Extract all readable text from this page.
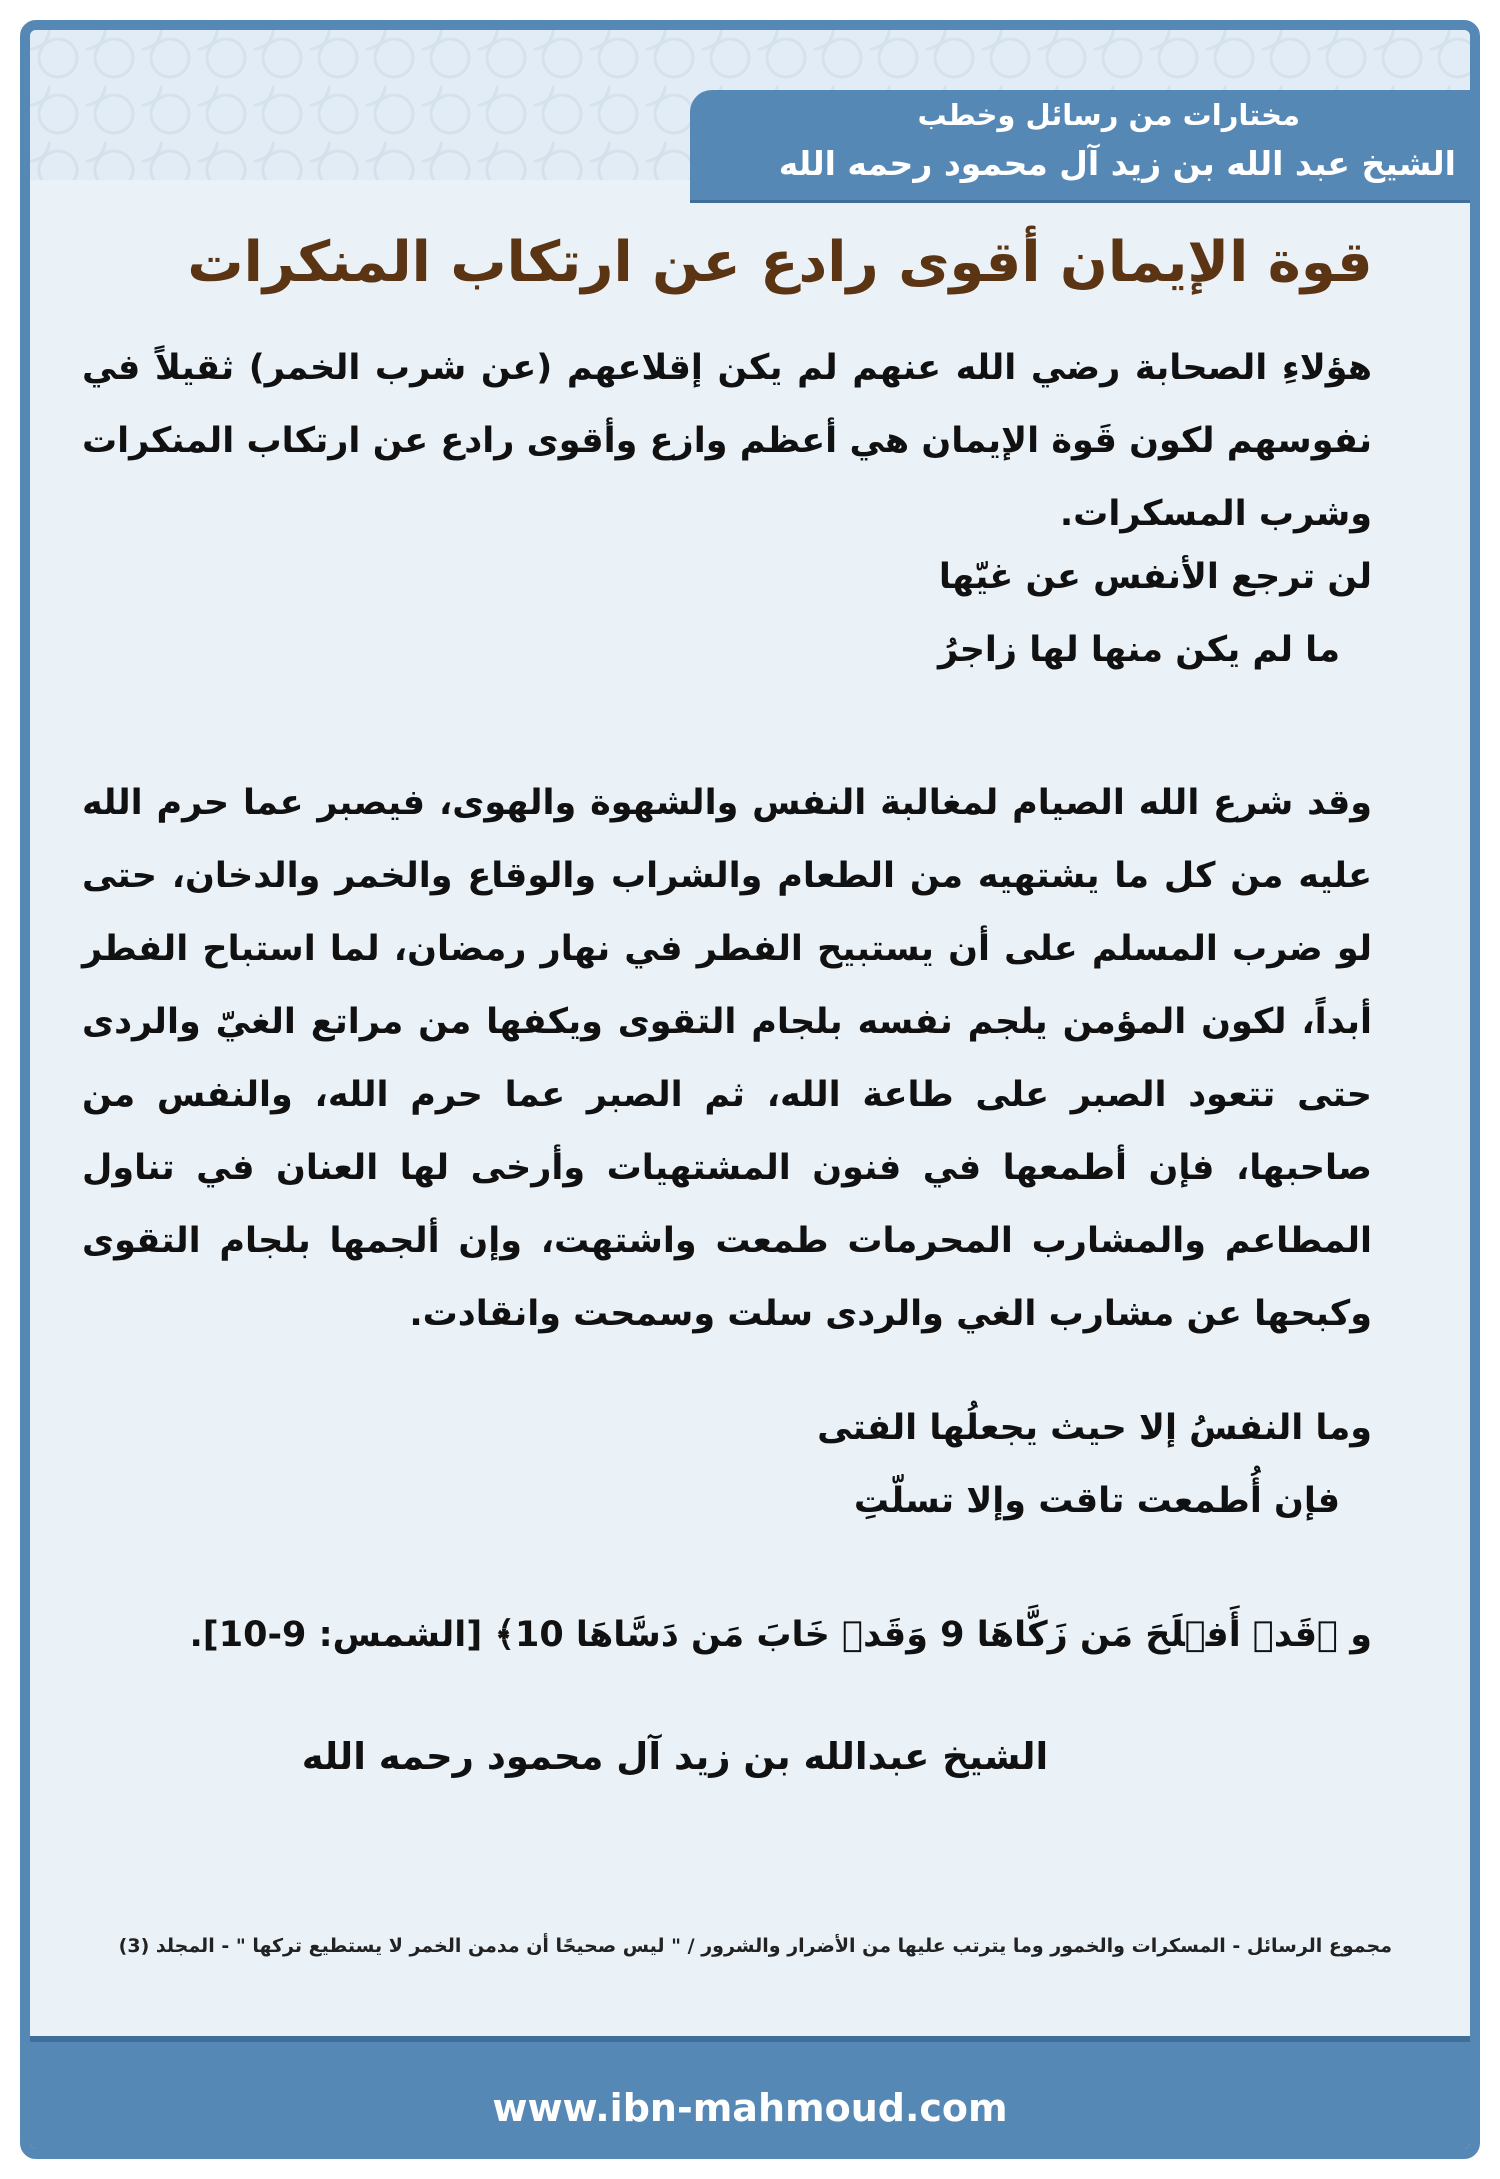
مختارات من رسائل وخطب
الشيخ عبد الله بن زيد آل محمود رحمه الله
قوة الإيمان أقوى رادع عن ارتكاب المنكرات
هؤلاءِ الصحابة رضي الله عنهم لم يكن إقلاعهم (عن شرب الخمر) ثقيلاً في نفوسهم لكون قَوة الإيمان هي أعظم وازع وأقوى رادع عن ارتكاب المنكرات وشرب المسكرات.
لن ترجع الأنفس عن غيّها
ما لم يكن منها لها زاجرُ
وقد شرع الله الصيام لمغالبة النفس والشهوة والهوى، فيصبر عما حرم الله عليه من كل ما يشتهيه من الطعام والشراب والوقاع والخمر والدخان، حتى لو ضرب المسلم على أن يستبيح الفطر في نهار رمضان، لما استباح الفطر أبداً، لكون المؤمن يلجم نفسه بلجام التقوى ويكفها من مراتع الغيّ والردى حتى تتعود الصبر على طاعة الله، ثم الصبر عما حرم الله، والنفس من صاحبها، فإن أطمعها في فنون المشتهيات وأرخى لها العنان في تناول المطاعم والمشارب المحرمات طمعت واشتهت، وإن ألجمها بلجام التقوى وكبحها عن مشارب الغي والردى سلت وسمحت وانقادت.
وما النفسُ إلا حيث يجعلُها الفتى
فإن أُطمعت تاقت وإلا تسلّتِ
و ﴿قَدۡ أَفۡلَحَ مَن زَكَّاهَا 9 وَقَدۡ خَابَ مَن دَسَّاهَا 10﴾ [الشمس: 9-10].
الشيخ عبدالله بن زيد آل محمود رحمه الله
مجموع الرسائل - المسكرات والخمور وما يترتب عليها من الأضرار والشرور / " ليس صحيحًا أن مدمن الخمر لا يستطيع تركها " - المجلد (3)
www.ibn-mahmoud.com
